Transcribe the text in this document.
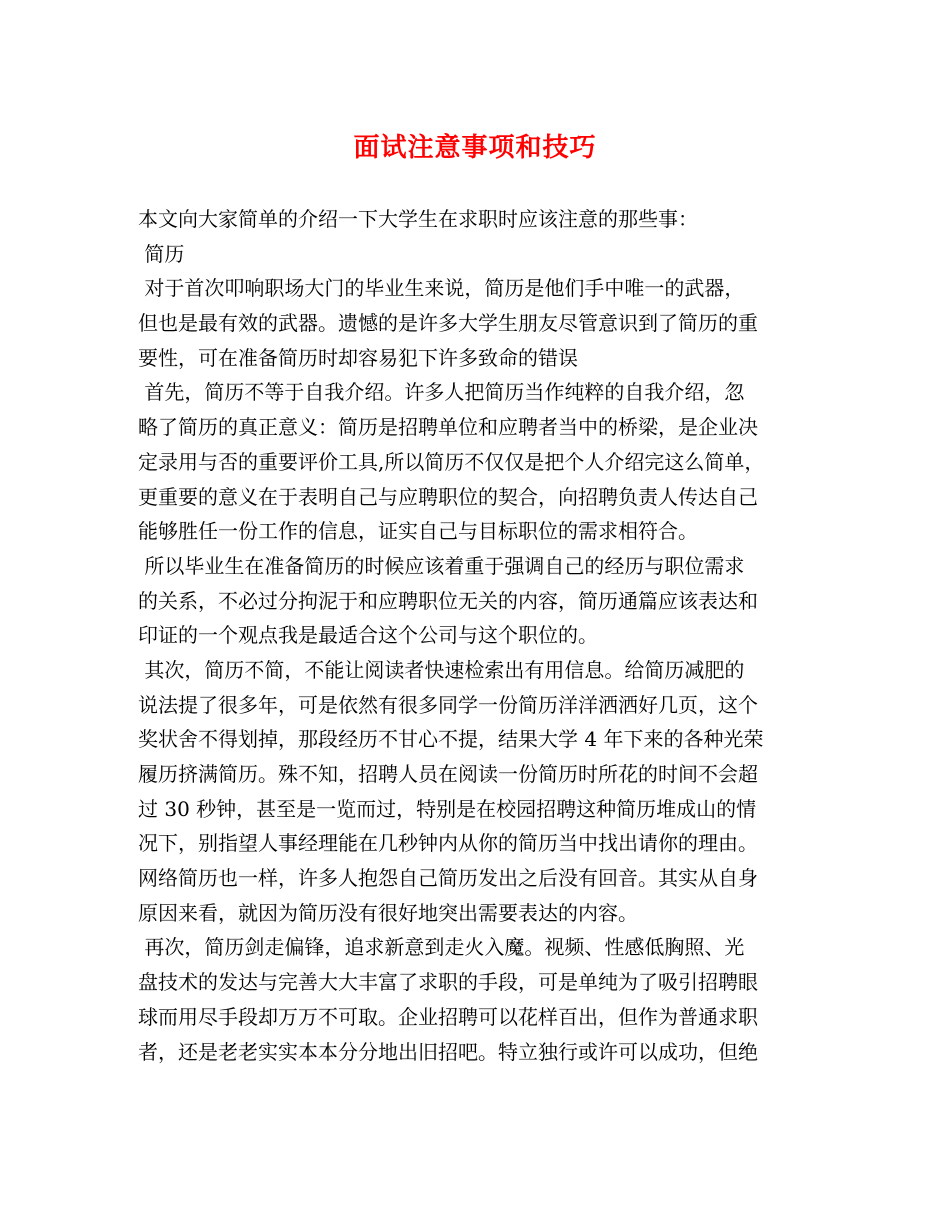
面试注意事项和技巧
本文向大家简单的介绍一下大学生在求职时应该注意的那些事：
简历
对于首次叩响职场大门的毕业生来说，简历是他们手中唯一的武器，
但也是最有效的武器。遗憾的是许多大学生朋友尽管意识到了简历的重
要性，可在准备简历时却容易犯下许多致命的错误
首先，简历不等于自我介绍。许多人把简历当作纯粹的自我介绍，忽
略了简历的真正意义：简历是招聘单位和应聘者当中的桥梁，是企业决
定录用与否的重要评价工具,所以简历不仅仅是把个人介绍完这么简单，
更重要的意义在于表明自己与应聘职位的契合，向招聘负责人传达自己
能够胜任一份工作的信息，证实自己与目标职位的需求相符合。
所以毕业生在准备简历的时候应该着重于强调自己的经历与职位需求
的关系，不必过分拘泥于和应聘职位无关的内容，简历通篇应该表达和
印证的一个观点我是最适合这个公司与这个职位的。
其次，简历不简，不能让阅读者快速检索出有用信息。给简历减肥的
说法提了很多年，可是依然有很多同学一份简历洋洋洒洒好几页，这个
奖状舍不得划掉，那段经历不甘心不提，结果大学 4 年下来的各种光荣
履历挤满简历。殊不知，招聘人员在阅读一份简历时所花的时间不会超
过 30 秒钟，甚至是一览而过，特别是在校园招聘这种简历堆成山的情
况下，别指望人事经理能在几秒钟内从你的简历当中找出请你的理由。
网络简历也一样，许多人抱怨自己简历发出之后没有回音。其实从自身
原因来看，就因为简历没有很好地突出需要表达的内容。
再次，简历剑走偏锋，追求新意到走火入魔。视频、性感低胸照、光
盘技术的发达与完善大大丰富了求职的手段，可是单纯为了吸引招聘眼
球而用尽手段却万万不可取。企业招聘可以花样百出，但作为普通求职
者，还是老老实实本本分分地出旧招吧。特立独行或许可以成功，但绝
